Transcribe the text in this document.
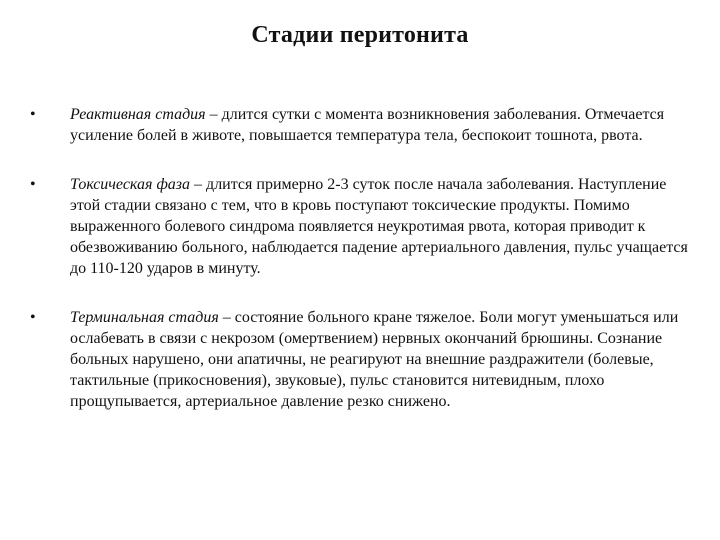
Стадии перитонита
• Реактивная стадия – длится сутки с момента возникновения заболевания. Отмечается усиление болей в животе, повышается температура тела, беспокоит тошнота, рвота.
• Токсическая фаза – длится примерно 2-3 суток после начала заболевания. Наступление этой стадии связано с тем, что в кровь поступают токсические продукты. Помимо выраженного болевого синдрома появляется неукротимая рвота, которая приводит к обезвоживанию больного, наблюдается падение артериального давления, пульс учащается до 110-120 ударов в минуту.
• Терминальная стадия – состояние больного кране тяжелое. Боли могут уменьшаться или ослабевать в связи с некрозом (омертвением) нервных окончаний брюшины. Сознание больных нарушено, они апатичны, не реагируют на внешние раздражители (болевые, тактильные (прикосновения), звуковые), пульс становится нитевидным, плохо прощупывается, артериальное давление резко снижено.
